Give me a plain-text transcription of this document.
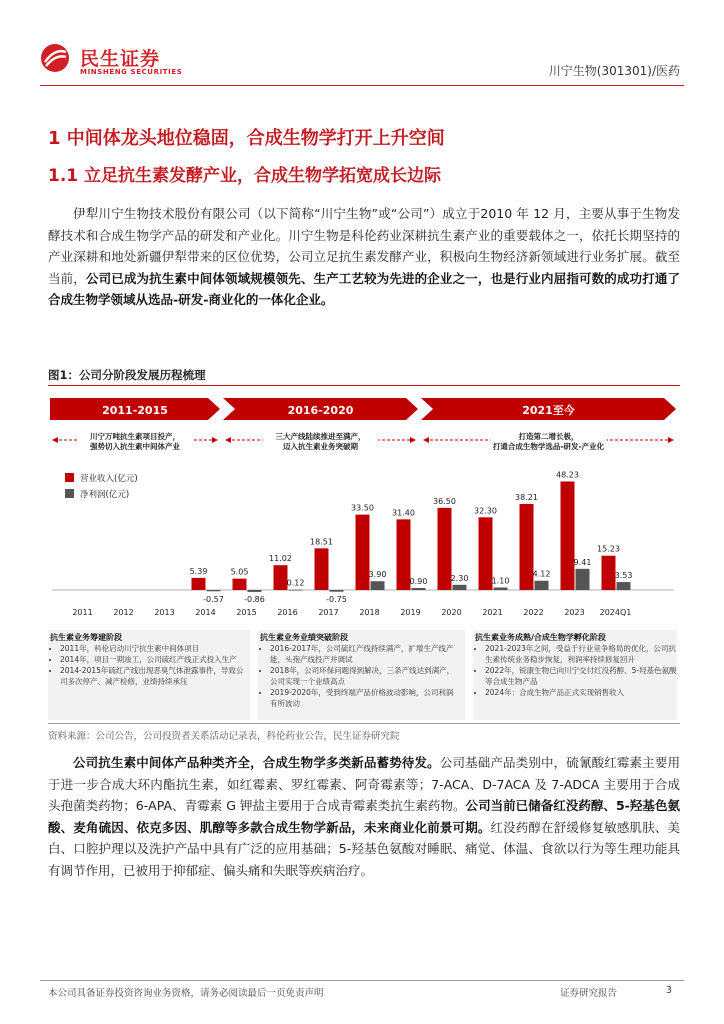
民生证券
MINSHENG SECURITIES	川宁生物(301301)/医药
1 中间体龙头地位稳固，合成生物学打开上升空间
1.1 立足抗生素发酵产业，合成生物学拓宽成长边际
伊犁川宁生物技术股份有限公司（以下简称“川宁生物”或“公司”）成立于2010 年 12 月，主要从事于生物发酵技术和合成生物学产品的研发和产业化。川宁生物是科伦药业深耕抗生素产业的重要载体之一，依托长期坚持的产业深耕和地处新疆伊犁带来的区位优势，公司立足抗生素发酵产业，积极向生物经济新领域进行业务扩展。截至当前，公司已成为抗生素中间体领域规模领先、生产工艺较为先进的企业之一，也是行业内屈指可数的成功打通了合成生物学领域从选品-研发-商业化的一体化企业。
图1：公司分阶段发展历程梳理
2011-2015	2016-2020	2021至今
川宁万吨抗生素项目投产，
强势切入抗生素中间体产业
三大产线陆续推进至满产，
迈入抗生素业务突破期
打造第二增长极，
打通合成生物学选品-研发-产业化
营业收入(亿元)
净利润(亿元)
2011	2012	2013	2014
5.39
-0.57
2015
5.05
-0.86
2016
11.02
0.12
2017
18.51
-0.75
2018
33.50
3.90
2019
31.40
0.90
2020
36.50
2.30
2021
32.30
1.10
2022
38.21
4.12
2023
48.23
9.41
2024Q1
15.23
3.53
抗生素业务筹建阶段
• 2011年，科伦启动川宁抗生素中间体项目
• 2014年，项目一期竣工，公司硫红产线正式投入生产
• 2014-2015年硫红产线出现恶臭气体泄露事件，导致公司多次停产、减产检修，业绩持续承压
抗生素业务业绩突破阶段
• 2016-2017年，公司硫红产线持续满产，扩增生产线产能，头孢产线投产并调试
• 2018年，公司环保问题得到解决，三条产线达到满产，公司实现一个业绩高点
• 2019-2020年，受到终端产品价格波动影响，公司利润有所波动
抗生素业务成熟/合成生物学孵化阶段
• 2021-2023年之间，受益于行业竞争格局的优化，公司抗生素传统业务稳步恢复，利润率持续修复回升
• 2022年，锐康生物已向川宁交付红没药醇、5-羟基色氨酸等合成生物产品
• 2024年：合成生物产品正式实现销售收入
资料来源：公司公告，公司投资者关系活动记录表，科伦药业公告，民生证券研究院
公司抗生素中间体产品种类齐全，合成生物学多类新品蓄势待发。公司基础产品类别中，硫氰酸红霉素主要用于进一步合成大环内酯抗生素，如红霉素、罗红霉素、阿奇霉素等；7-ACA、D-7ACA 及 7-ADCA 主要用于合成头孢菌类药物；6-APA、青霉素 G 钾盐主要用于合成青霉素类抗生素药物。公司当前已储备红没药醇、5-羟基色氨酸、麦角硫因、依克多因、肌醇等多款合成生物学新品，未来商业化前景可期。红没药醇在舒缓修复敏感肌肤、美白、口腔护理以及洗护产品中具有广泛的应用基础；5-羟基色氨酸对睡眠、痛觉、体温、食欲以行为等生理功能具有调节作用，已被用于抑郁症、偏头痛和失眠等疾病治疗。
本公司具备证券投资咨询业务资格，请务必阅读最后一页免责声明	证券研究报告	3
